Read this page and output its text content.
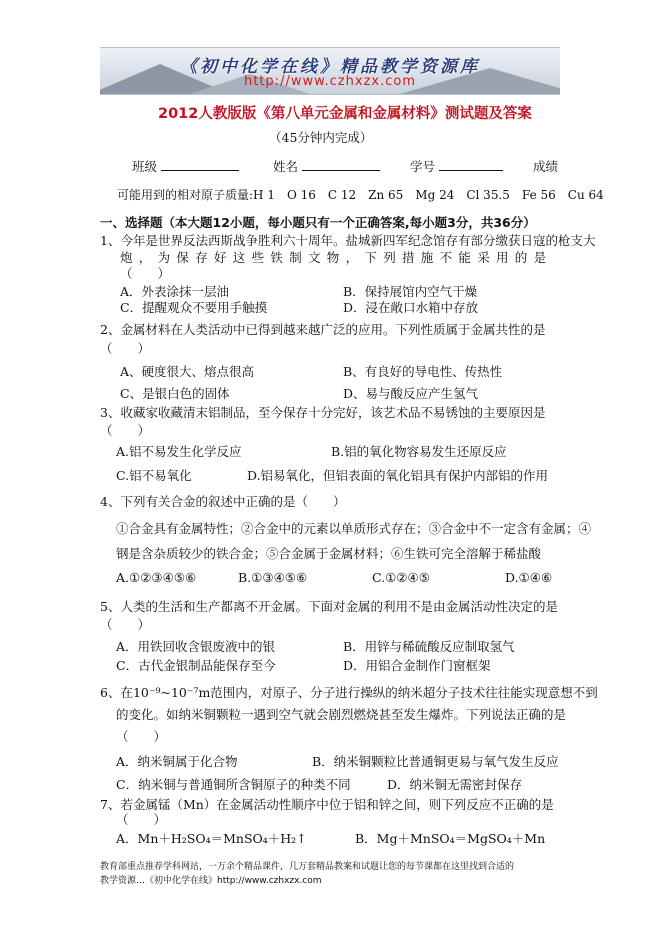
《初中化学在线》精品教学资源库
http://www.czhxzx.com
2012人教版版《第八单元金属和金属材料》测试题及答案
（45分钟内完成）
班级	姓名	学号	成绩
可能用到的相对原子质量:H 1　O 16　C 12　Zn 65　Mg 24　Cl 35.5　Fe 56　Cu 64
一、选择题（本大题12小题，每小题只有一个正确答案,每小题3分，共36分）
1、今年是世界反法西斯战争胜利六十周年。盐城新四军纪念馆存有部分缴获日寇的枪支大
炮，为保存好这些铁制文物，下列措施不能采用的是
（　　）
A．外表涂抹一层油	B．保持展馆内空气干燥
C．提醒观众不要用手触摸	D．浸在敞口水箱中存放
2、金属材料在人类活动中已得到越来越广泛的应用。下列性质属于金属共性的是
（　　）
A、硬度很大、熔点很高	B、有良好的导电性、传热性
C、是银白色的固体	D、易与酸反应产生氢气
3、收藏家收藏清末铝制品，至今保存十分完好，该艺术品不易锈蚀的主要原因是
（　　）
A.铝不易发生化学反应	B.铝的氧化物容易发生还原反应
C.铝不易氧化	D.铝易氧化，但铝表面的氧化铝具有保护内部铝的作用
4、下列有关合金的叙述中正确的是（　　）
①合金具有金属特性；②合金中的元素以单质形式存在；③合金中不一定含有金属；④
钢是含杂质较少的铁合金；⑤合金属于金属材料；⑥生铁可完全溶解于稀盐酸
A.①②③④⑤⑥	B.①③④⑤⑥	C.①②④⑤	D.①④⑥
5、人类的生活和生产都离不开金属。下面对金属的利用不是由金属活动性决定的是
（　　）
A．用铁回收含银废液中的银	B．用锌与稀硫酸反应制取氢气
C．古代金银制品能保存至今	D．用铝合金制作门窗框架
6、在10⁻⁹~10⁻⁷m范围内，对原子、分子进行操纵的纳米超分子技术往往能实现意想不到
的变化。如纳米铜颗粒一遇到空气就会剧烈燃烧甚至发生爆炸。下列说法正确的是
（　　）
A．纳米铜属于化合物	B．纳米铜颗粒比普通铜更易与氧气发生反应
C．纳米铜与普通铜所含铜原子的种类不同	D．纳米铜无需密封保存
7、若金属锰（Mn）在金属活动性顺序中位于铝和锌之间，则下列反应不正确的是
（　　）
A．Mn＋H₂SO₄＝MnSO₄＋H₂↑	B．Mg＋MnSO₄＝MgSO₄＋Mn
教育部重点推荐学科网站，一万余个精品课件，几万套精品教案和试题让您的每节课都在这里找到合适的
教学资源…《初中化学在线》http://www.czhxzx.com
